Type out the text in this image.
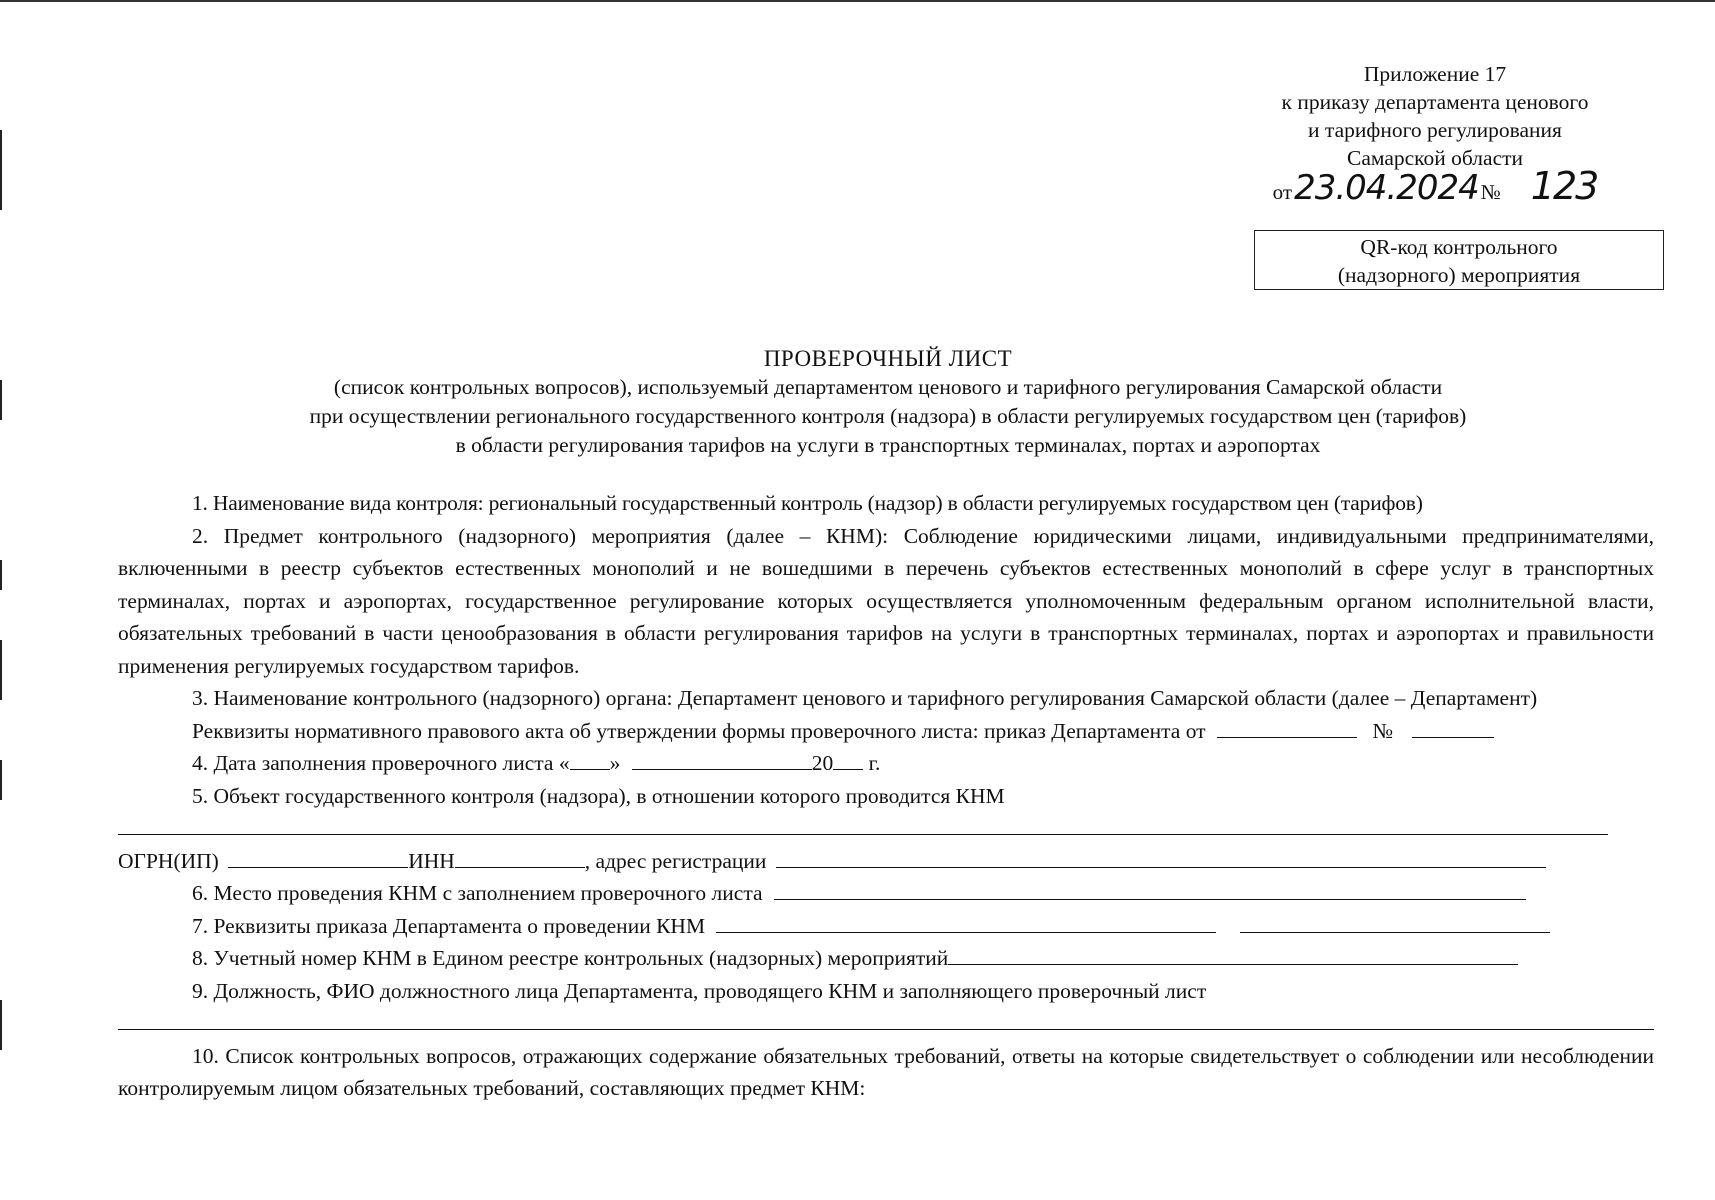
Приложение 17
к приказу департамента ценового
и тарифного регулирования
Самарской области
от23.04.2024№ 123
QR-код контрольного
(надзорного) мероприятия
ПРОВЕРОЧНЫЙ ЛИСТ
(список контрольных вопросов), используемый департаментом ценового и тарифного регулирования Самарской области
при осуществлении регионального государственного контроля (надзора) в области регулируемых государством цен (тарифов)
в области регулирования тарифов на услуги в транспортных терминалах, портах и аэропортах

1. Наименование вида контроля: региональный государственный контроль (надзор) в области регулируемых государством цен (тарифов)

2. Предмет контрольного (надзорного) мероприятия (далее – КНМ): Соблюдение юридическими лицами, индивидуальными предпринимателями, включенными в реестр субъектов естественных монополий и не вошедшими в перечень субъектов естественных монополий в сфере услуг в транспортных терминалах, портах и аэропортах, государственное регулирование которых осуществляется уполномоченным федеральным органом исполнительной власти, обязательных требований в части ценообразования в области регулирования тарифов на услуги в транспортных терминалах, портах и аэропортах и правильности применения регулируемых государством тарифов.

3. Наименование контрольного (надзорного) органа: Департамент ценового и тарифного регулирования Самарской области (далее – Департамент)

Реквизиты нормативного правового акта об утверждении формы проверочного листа: приказ Департамента от	№
4. Дата заполнения проверочного листа « »	20 г.
5. Объект государственного контроля (надзора), в отношении которого проводится КНМ
ОГРН(ИП)	ИНН	, адрес регистрации
6. Место проведения КНМ с заполнением проверочного листа
7. Реквизиты приказа Департамента о проведении КНМ
8. Учетный номер КНМ в Едином реестре контрольных (надзорных) мероприятий
9. Должность, ФИО должностного лица Департамента, проводящего КНМ и заполняющего проверочный лист

10. Список контрольных вопросов, отражающих содержание обязательных требований, ответы на которые свидетельствует о соблюдении или несоблюдении контролируемым лицом обязательных требований, составляющих предмет КНМ:
